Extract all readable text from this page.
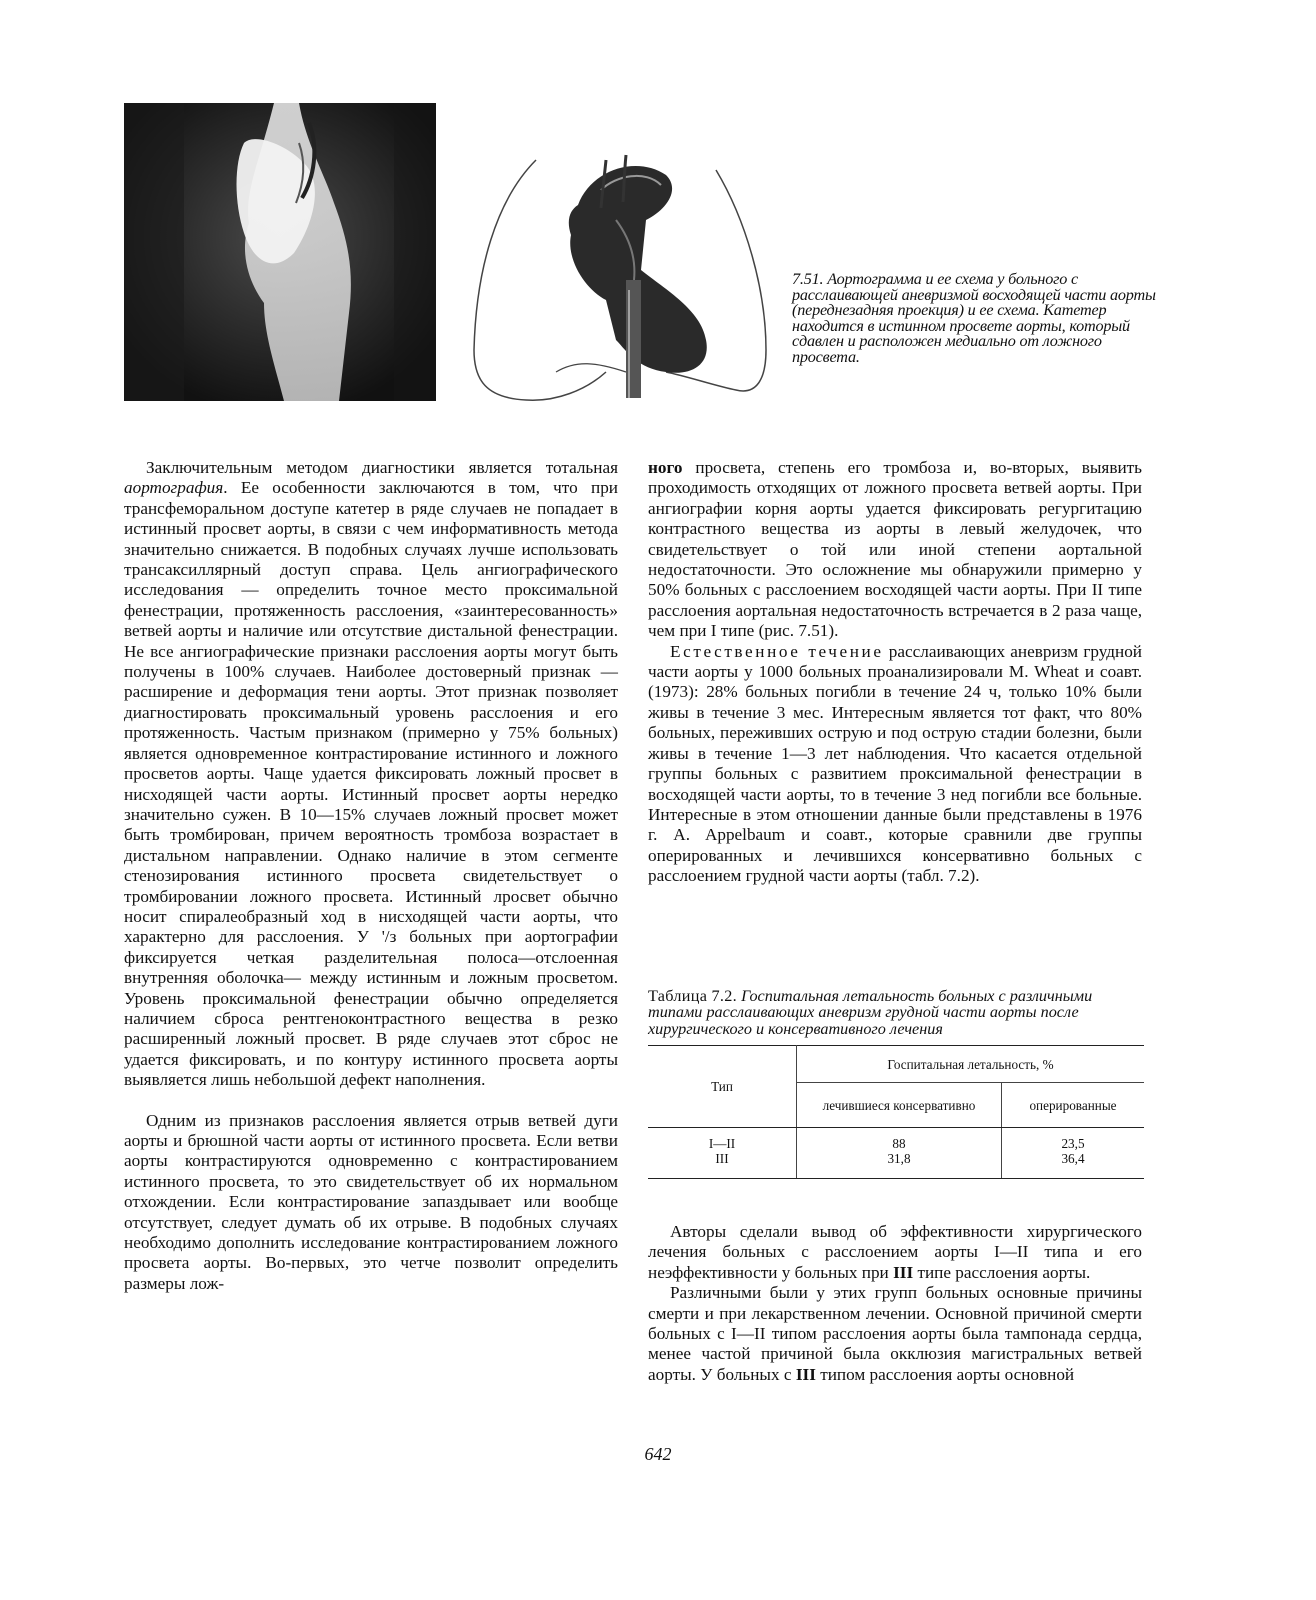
7.51. Аортограмма и ее схема у больного с расслаивающей аневризмой восходящей части аорты (переднезадняя проекция) и ее схема. Катетер находится в истинном просвете аорты, который сдавлен и расположен медиально от ложного просвета.

Заключительным методом диагностики является тотальная аортография. Ее особенности заключаются в том, что при трансфеморальном доступе катетер в ряде случаев не попадает в истинный просвет аорты, в связи с чем информативность метода значительно снижается. В подобных случаях лучше использовать трансаксиллярный доступ справа. Цель ангиографического исследования — определить точное место проксимальной фенестрации, протяженность расслоения, «заинтересованность» ветвей аорты и наличие или отсутствие дистальной фенестрации. Не все ангиографические признаки расслоения аорты могут быть получены в 100% случаев. Наиболее достоверный признак — расширение и деформация тени аорты. Этот признак позволяет диагностировать проксимальный уровень расслоения и его протяженность. Частым признаком (примерно у 75% больных) является одновременное контрастирование истинного и ложного просветов аорты. Чаще удается фиксировать ложный просвет в нисходящей части аорты. Истинный просвет аорты нередко значительно сужен. В 10—15% случаев ложный просвет может быть тромбирован, причем вероятность тромбоза возрастает в дистальном направлении. Однако наличие в этом сегменте стенозирования истинного просвета свидетельствует о тромбировании ложного просвета. Истинный лросвет обычно носит спиралеобразный ход в нисходящей части аорты, что характерно для расслоения. У '/з больных при аортографии фиксируется четкая разделительная полоса—отслоенная внутренняя оболочка— между истинным и ложным просветом. Уровень проксимальной фенестрации обычно определяется наличием сброса рентгеноконтрастного вещества в резко расширенный ложный просвет. В ряде случаев этот сброс не удается фиксировать, и по контуру истинного просвета аорты выявляется лишь небольшой дефект наполнения.

Одним из признаков расслоения является отрыв ветвей дуги аорты и брюшной части аорты от истинного просвета. Если ветви аорты контрастируются одновременно с контрастированием истинного просвета, то это свидетельствует об их нормальном отхождении. Если контрастирование запаздывает или вообще отсутствует, следует думать об их отрыве. В подобных случаях необходимо дополнить исследование контрастированием ложного просвета аорты. Во-первых, это четче позволит определить размеры лож-

ного просвета, степень его тромбоза и, во-вторых, выявить проходимость отходящих от ложного просвета ветвей аорты. При ангиографии корня аорты удается фиксировать регургитацию контрастного вещества из аорты в левый желудочек, что свидетельствует о той или иной степени аортальной недостаточности. Это осложнение мы обнаружили примерно у 50% больных с расслоением восходящей части аорты. При II типе расслоения аортальная недостаточность встречается в 2 раза чаще, чем при I типе (рис. 7.51).

Естественное течение расслаивающих аневризм грудной части аорты у 1000 больных проанализировали M. Wheat и соавт. (1973): 28% больных погибли в течение 24 ч, только 10% были живы в течение 3 мес. Интересным является тот факт, что 80% больных, переживших острую и под острую стадии болезни, были живы в течение 1—3 лет наблюдения. Что касается отдельной группы больных с развитием проксимальной фенестрации в восходящей части аорты, то в течение 3 нед погибли все больные. Интересные в этом отношении данные были представлены в 1976 г. A. Appelbaum и соавт., которые сравнили две группы оперированных и лечившихся консервативно больных с расслоением грудной части аорты (табл. 7.2).

Таблица 7.2. Госпитальная летальность больных с различными типами расслаивающих аневризм грудной части аорты после хирургического и консервативного лечения
Тип	Госпитальная летальность, %	
	лечившиеся консервативно	оперированные
I—II	88	23,5
III	31,8	36,4

Авторы сделали вывод об эффективности хирургического лечения больных с расслоением аорты I—II типа и его неэффективности у больных при III типе расслоения аорты.

Различными были у этих групп больных основные причины смерти и при лекарственном лечении. Основной причиной смерти больных с I—II типом расслоения аорты была тампонада сердца, менее частой причиной была окклюзия магистральных ветвей аорты. У больных с III типом расслоения аорты основной

642
